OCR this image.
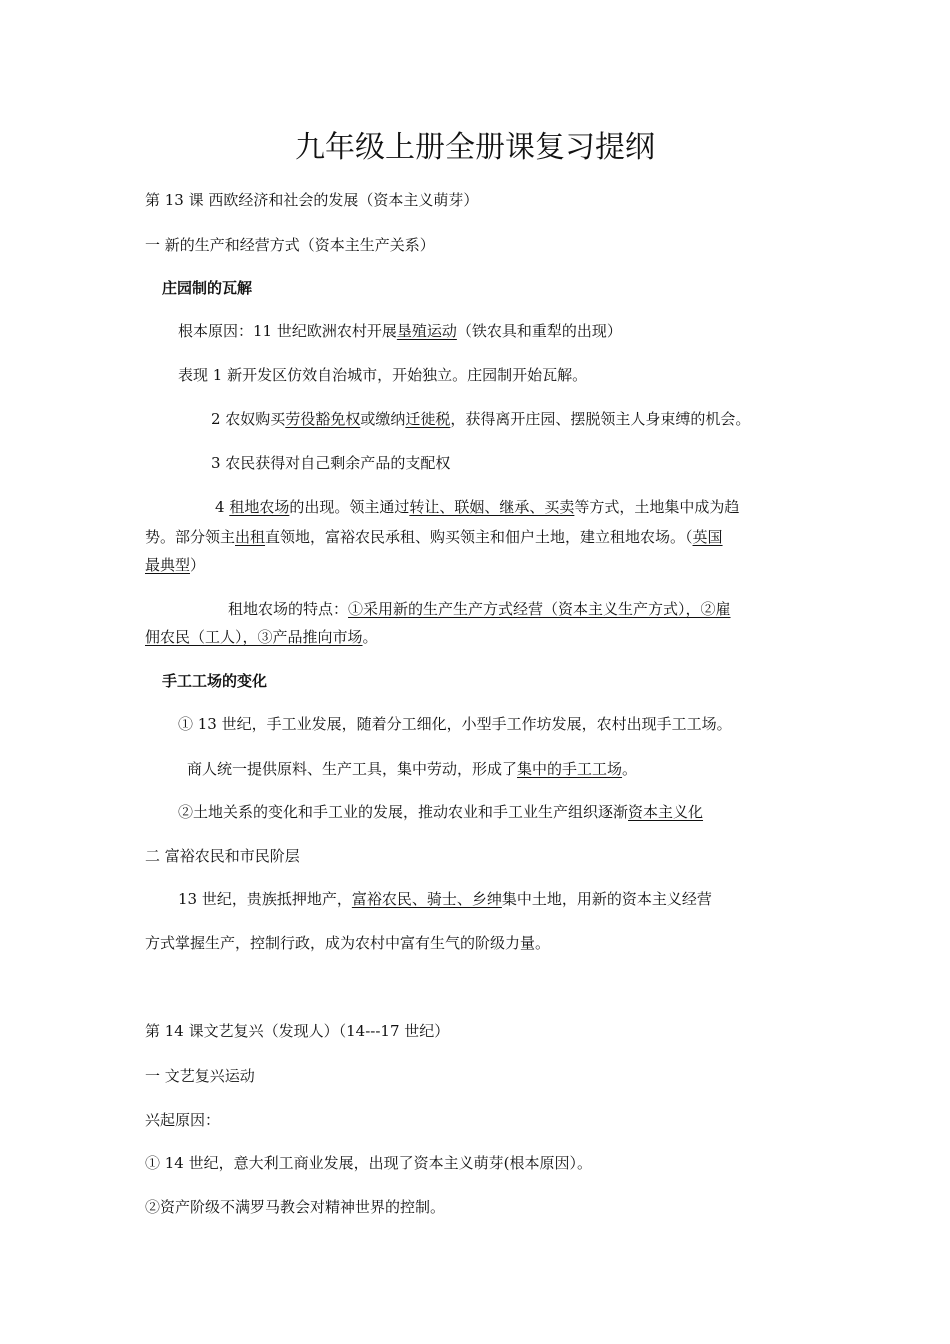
九年级上册全册课复习提纲
第 13 课 西欧经济和社会的发展（资本主义萌芽）
一 新的生产和经营方式（资本主生产关系）
庄园制的瓦解
根本原因：11 世纪欧洲农村开展垦殖运动（铁农具和重犁的出现）
表现 1 新开发区仿效自治城市，开始独立。庄园制开始瓦解。
2 农奴购买劳役豁免权或缴纳迁徙税，获得离开庄园、摆脱领主人身束缚的机会。
3 农民获得对自己剩余产品的支配权
4 租地农场的出现。领主通过转让、联姻、继承、买卖等方式，土地集中成为趋
势。部分领主出租直领地，富裕农民承租、购买领主和佃户土地，建立租地农场。（英国
最典型）
租地农场的特点：①采用新的生产生产方式经营（资本主义生产方式），②雇
佣农民（工人），③产品推向市场。
手工工场的变化
① 13 世纪，手工业发展，随着分工细化，小型手工作坊发展，农村出现手工工场。
商人统一提供原料、生产工具，集中劳动，形成了集中的手工工场。
②土地关系的变化和手工业的发展，推动农业和手工业生产组织逐渐资本主义化
二 富裕农民和市民阶层
13 世纪，贵族抵押地产，富裕农民、骑士、乡绅集中土地，用新的资本主义经营
方式掌握生产，控制行政，成为农村中富有生气的阶级力量。
第 14 课文艺复兴（发现人）（14---17 世纪）
一 文艺复兴运动
兴起原因：
① 14 世纪，意大利工商业发展，出现了资本主义萌芽(根本原因）。
②资产阶级不满罗马教会对精神世界的控制。
